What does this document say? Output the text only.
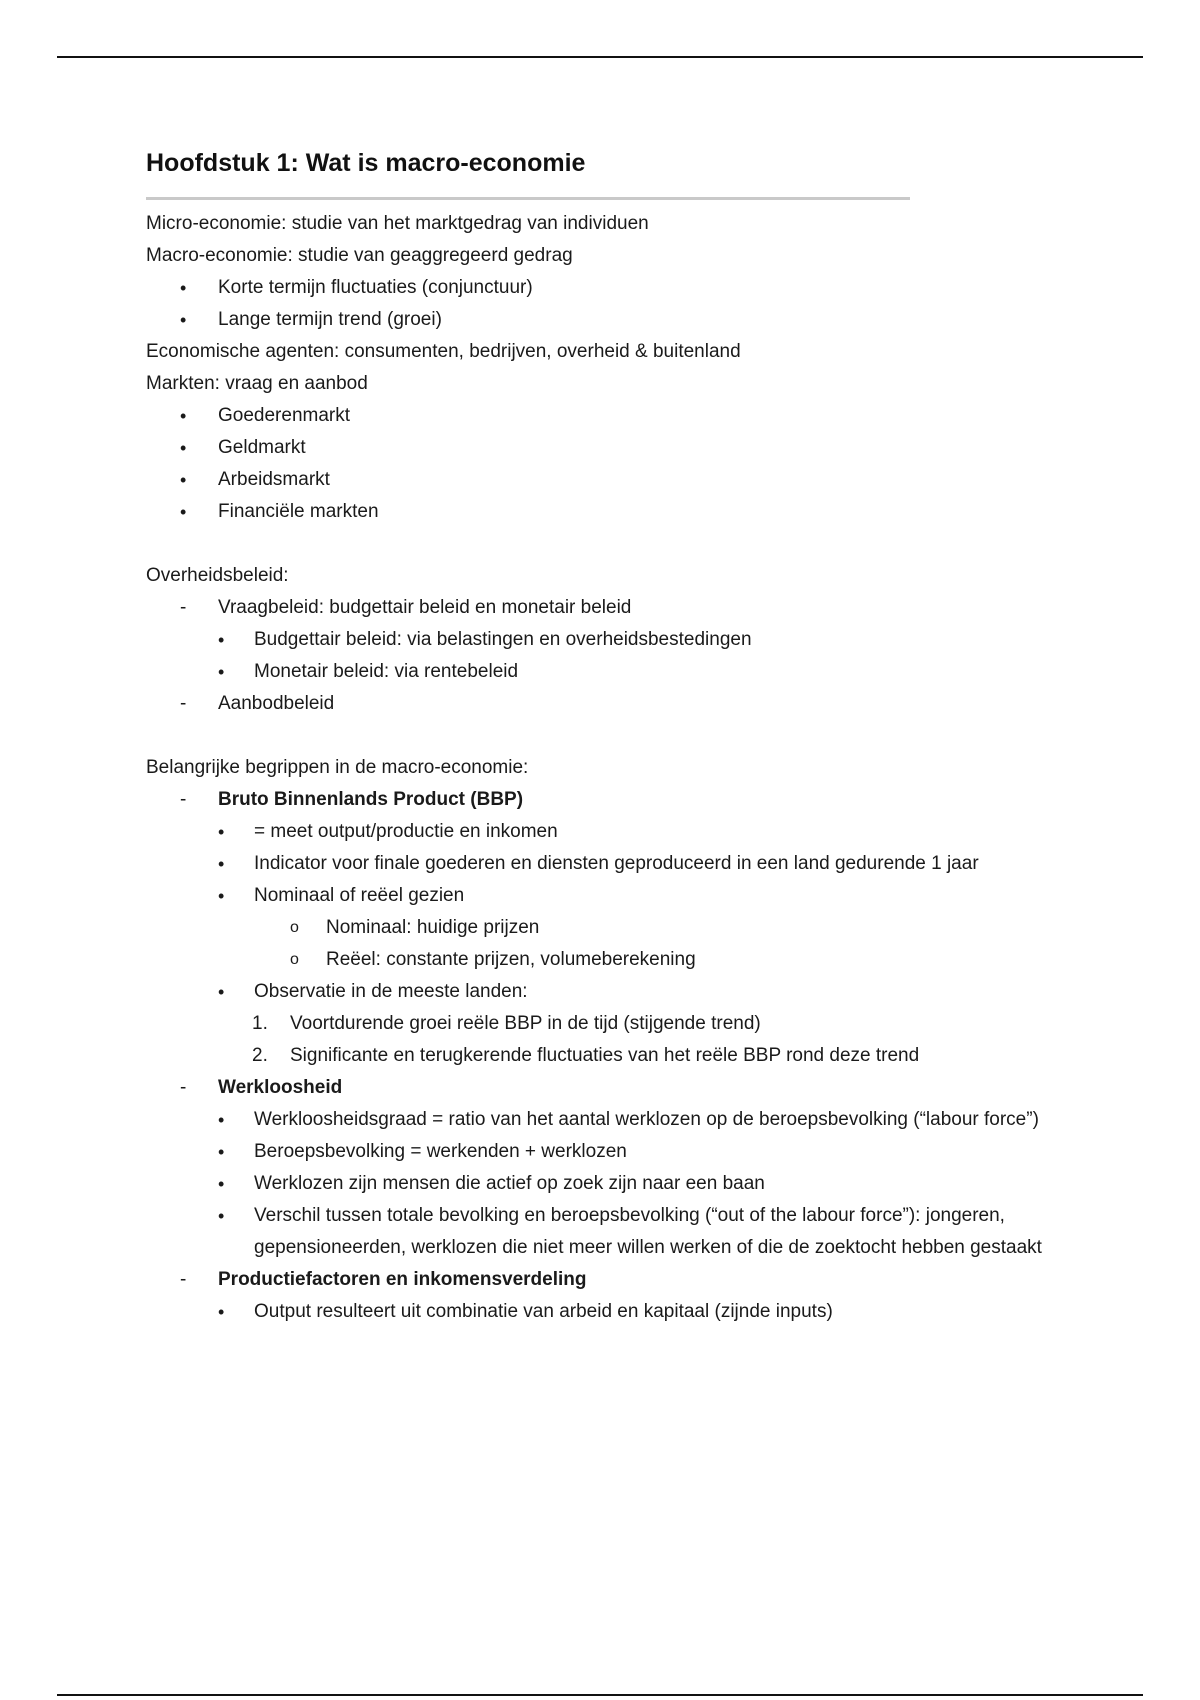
Hoofdstuk 1: Wat is macro-economie
Micro-economie: studie van het marktgedrag van individuen
Macro-economie: studie van geaggregeerd gedrag
• Korte termijn fluctuaties (conjunctuur)
• Lange termijn trend (groei)
Economische agenten: consumenten, bedrijven, overheid & buitenland
Markten: vraag en aanbod
• Goederenmarkt
• Geldmarkt
• Arbeidsmarkt
• Financiële markten
Overheidsbeleid:
- Vraagbeleid: budgettair beleid en monetair beleid
• Budgettair beleid: via belastingen en overheidsbestedingen
• Monetair beleid: via rentebeleid
- Aanbodbeleid
Belangrijke begrippen in de macro-economie:
- Bruto Binnenlands Product (BBP)
• = meet output/productie en inkomen
• Indicator voor finale goederen en diensten geproduceerd in een land gedurende 1 jaar
• Nominaal of reëel gezien
o Nominaal: huidige prijzen
o Reëel: constante prijzen, volumeberekening
• Observatie in de meeste landen:
1. Voortdurende groei reële BBP in de tijd (stijgende trend)
2. Significante en terugkerende fluctuaties van het reële BBP rond deze trend
- Werkloosheid
• Werkloosheidsgraad = ratio van het aantal werklozen op de beroepsbevolking (“labour force”)
• Beroepsbevolking = werkenden + werklozen
• Werklozen zijn mensen die actief op zoek zijn naar een baan
• Verschil tussen totale bevolking en beroepsbevolking (“out of the labour force”): jongeren, gepensioneerden, werklozen die niet meer willen werken of die de zoektocht hebben gestaakt
- Productiefactoren en inkomensverdeling
• Output resulteert uit combinatie van arbeid en kapitaal (zijnde inputs)
